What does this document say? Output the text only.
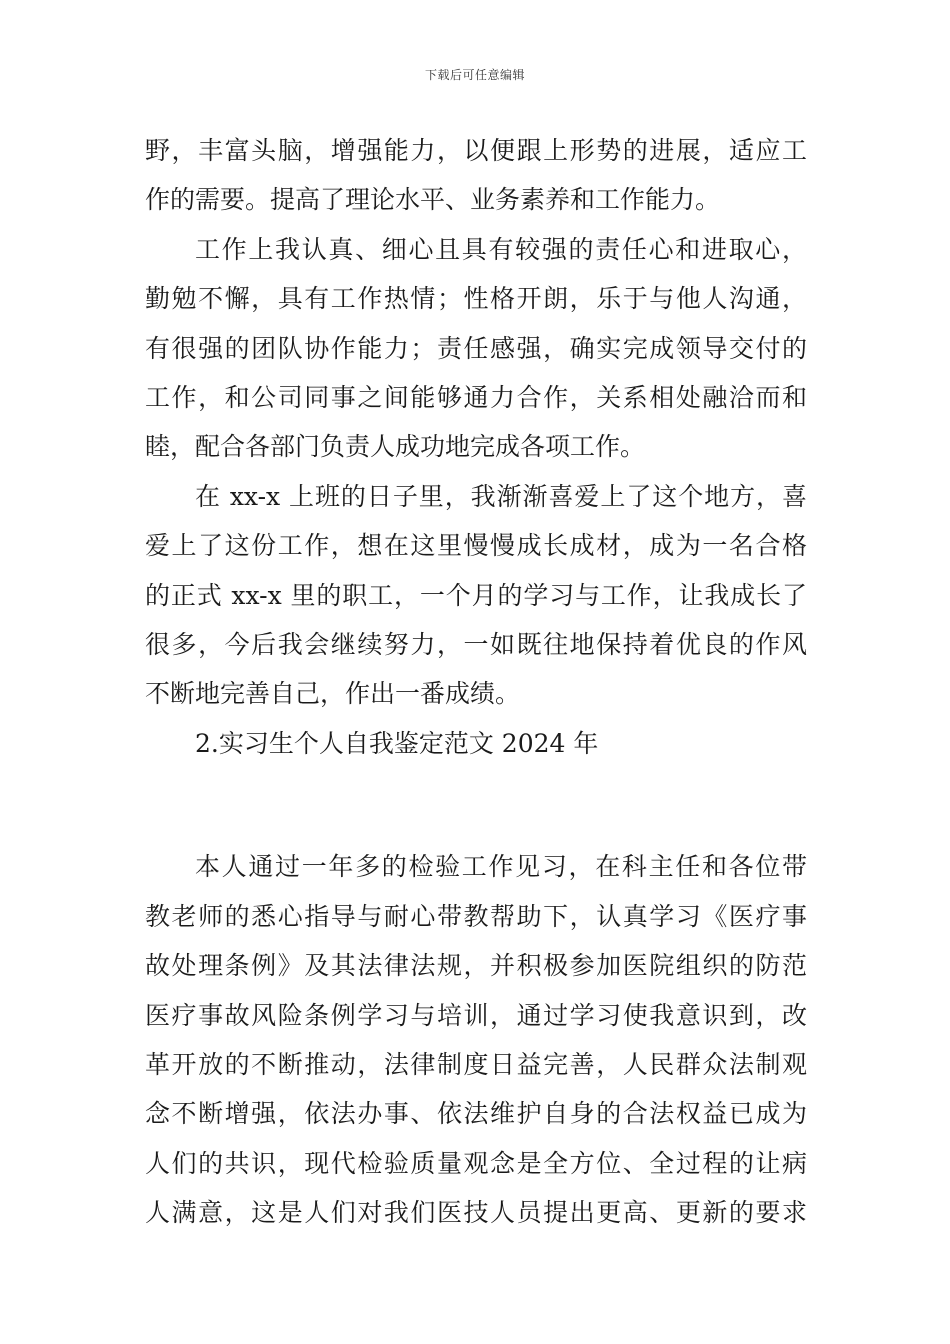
下载后可任意编辑
野，丰富头脑，增强能力，以便跟上形势的进展，适应工
作的需要。提高了理论水平、业务素养和工作能力。
工作上我认真、细心且具有较强的责任心和进取心，
勤勉不懈，具有工作热情；性格开朗，乐于与他人沟通，
有很强的团队协作能力；责任感强，确实完成领导交付的
工作，和公司同事之间能够通力合作，关系相处融洽而和
睦，配合各部门负责人成功地完成各项工作。
在 xx-x 上班的日子里，我渐渐喜爱上了这个地方，喜
爱上了这份工作，想在这里慢慢成长成材，成为一名合格
的正式 xx-x 里的职工，一个月的学习与工作，让我成长了
很多，今后我会继续努力，一如既往地保持着优良的作风
不断地完善自己，作出一番成绩。
2.实习生个人自我鉴定范文 2024 年
本人通过一年多的检验工作见习，在科主任和各位带
教老师的悉心指导与耐心带教帮助下，认真学习《医疗事
故处理条例》及其法律法规，并积极参加医院组织的防范
医疗事故风险条例学习与培训，通过学习使我意识到，改
革开放的不断推动，法律制度日益完善，人民群众法制观
念不断增强，依法办事、依法维护自身的合法权益已成为
人们的共识，现代检验质量观念是全方位、全过程的让病
人满意，这是人们对我们医技人员提出更高、更新的要求
